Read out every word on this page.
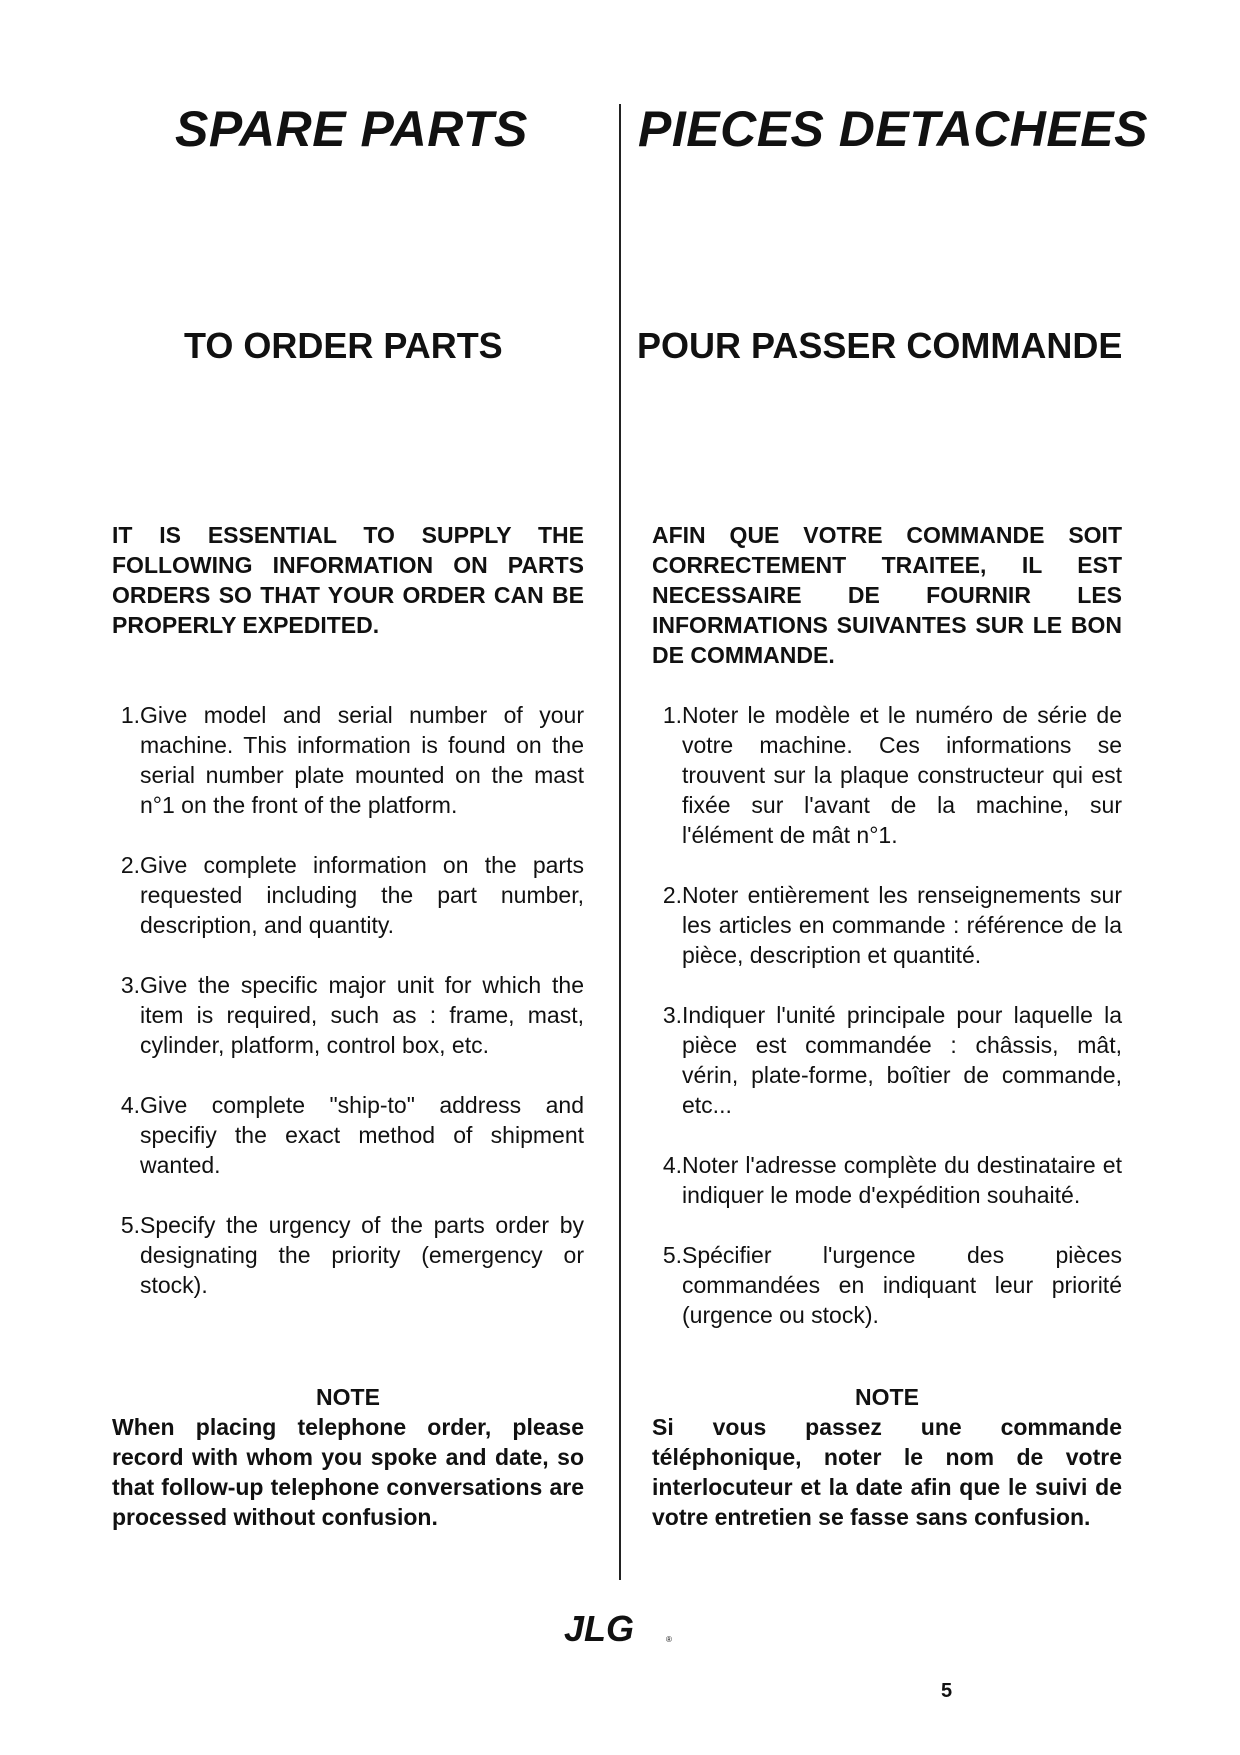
SPARE PARTS
TO ORDER PARTS

IT IS ESSENTIAL TO SUPPLY THE FOLLOWING INFORMATION ON PARTS ORDERS SO THAT YOUR ORDER CAN BE PROPERLY EXPEDITED.

1. Give model and serial number of your machine. This information is found on the serial number plate mounted on the mast n°1 on the front of the platform.
2. Give complete information on the parts requested including the part number, description, and quantity.
3. Give the specific major unit for which the item is required, such as : frame, mast, cylinder, platform, control box, etc.
4. Give complete "ship-to" address and specifiy the exact method of shipment wanted.
5. Specify the urgency of the parts order by designating the priority (emergency or stock).
NOTE
When placing telephone order, please record with whom you spoke and date, so that follow-up telephone conversations are processed without confusion.
PIECES DETACHEES
POUR PASSER COMMANDE

AFIN QUE VOTRE COMMANDE SOIT CORRECTEMENT TRAITEE, IL EST NECESSAIRE DE FOURNIR LES INFORMATIONS SUIVANTES SUR LE BON DE COMMANDE.

1. Noter le modèle et le numéro de série de votre machine. Ces informations se trouvent sur la plaque constructeur qui est fixée sur l'avant de la machine, sur l'élément de mât n°1.
2. Noter entièrement les renseignements sur les articles en commande : référence de la pièce, description et quantité.
3. Indiquer l'unité principale pour laquelle la pièce est commandée : châssis, mât, vérin, plate-forme, boîtier de commande, etc...
4. Noter l'adresse complète du destinataire et indiquer le mode d'expédition souhaité.
5. Spécifier l'urgence des pièces commandées en indiquant leur priorité (urgence ou stock).
NOTE
Si vous passez une commande téléphonique, noter le nom de votre interlocuteur et la date afin que le suivi de votre entretien se fasse sans confusion.
JLG	®
5
